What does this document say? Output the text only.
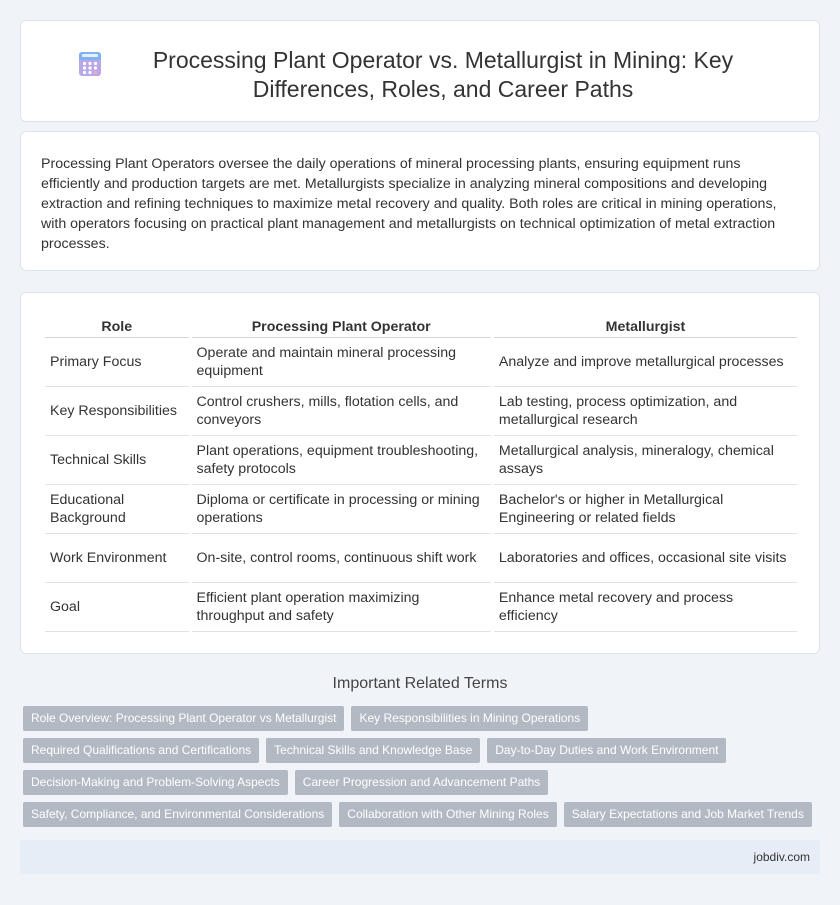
Processing Plant Operator vs. Metallurgist in Mining: Key Differences, Roles, and Career Paths

Processing Plant Operators oversee the daily operations of mineral processing plants, ensuring equipment runs efficiently and production targets are met. Metallurgists specialize in analyzing mineral compositions and developing extraction and refining techniques to maximize metal recovery and quality. Both roles are critical in mining operations, with operators focusing on practical plant management and metallurgists on technical optimization of metal extraction processes.

Role	Processing Plant Operator	Metallurgist
Primary Focus	Operate and maintain mineral processing equipment	Analyze and improve metallurgical processes
Key Responsibilities	Control crushers, mills, flotation cells, and conveyors	Lab testing, process optimization, and metallurgical research
Technical Skills	Plant operations, equipment troubleshooting, safety protocols	Metallurgical analysis, mineralogy, chemical assays
Educational Background	Diploma or certificate in processing or mining operations	Bachelor's or higher in Metallurgical Engineering or related fields
Work Environment	On-site, control rooms, continuous shift work	Laboratories and offices, occasional site visits
Goal	Efficient plant operation maximizing throughput and safety	Enhance metal recovery and process efficiency
Important Related Terms
Role Overview: Processing Plant Operator vs Metallurgist	Key Responsibilities in Mining Operations
Required Qualifications and Certifications	Technical Skills and Knowledge Base	Day-to-Day Duties and Work Environment
Decision-Making and Problem-Solving Aspects	Career Progression and Advancement Paths
Safety, Compliance, and Environmental Considerations	Collaboration with Other Mining Roles	Salary Expectations and Job Market Trends
jobdiv.com
